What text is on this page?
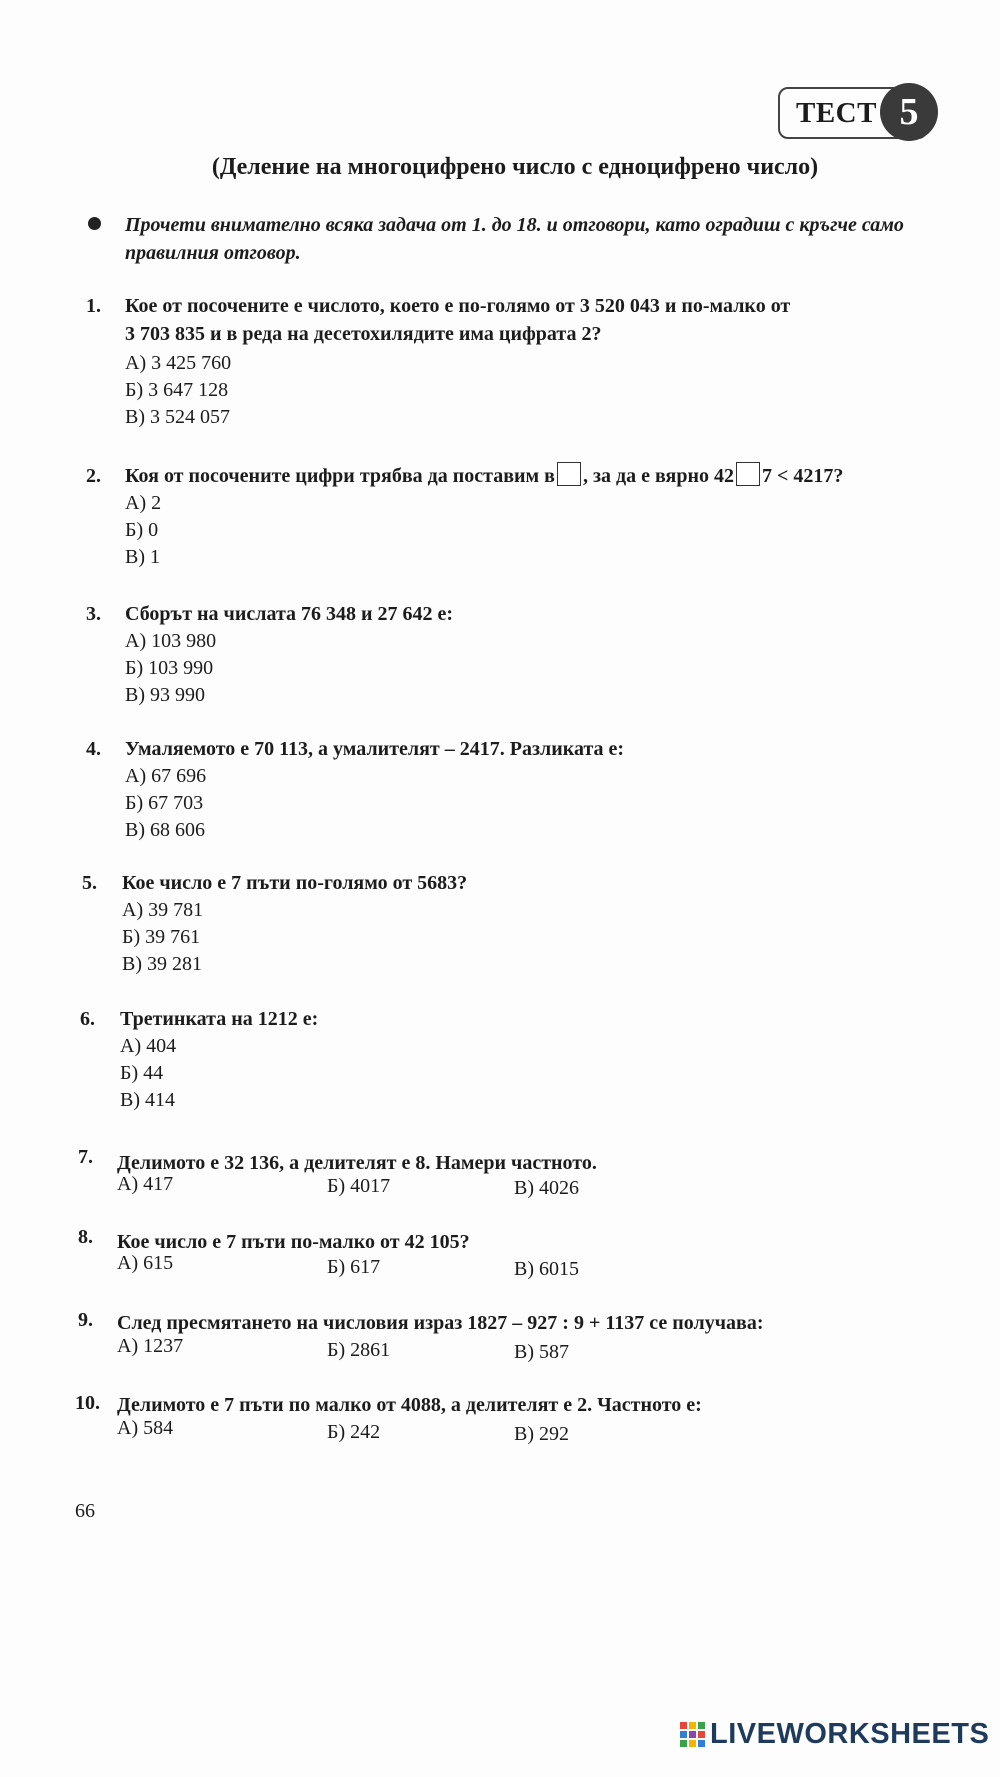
ТЕСТ 5
(Деление на многоцифрено число с едноцифрено число)
Прочети внимателно всяка задача от 1. до 18. и отговори, като оградиш с кръгче само правилния отговор.
1. Кое от посочените е числото, което е по-голямо от 3 520 043 и по-малко от
3 703 835 и в реда на десетохилядите има цифрата 2?
А) 3 425 760
Б) 3 647 128
В) 3 524 057
2. Коя от посочените цифри трябва да поставим в , за да е вярно 42 7 < 4217?
А) 2
Б) 0
В) 1
3. Сборът на числата 76 348 и 27 642 е:
А) 103 980
Б) 103 990
В) 93 990
4. Умаляемото е 70 113, а умалителят – 2417. Разликата е:
А) 67 696
Б) 67 703
В) 68 606
5. Кое число е 7 пъти по-голямо от 5683?
А) 39 781
Б) 39 761
В) 39 281
6. Третинката на 1212 е:
А) 404
Б) 44
В) 414
7. Делимото е 32 136, а делителят е 8. Намери частното.
А) 417	Б) 4017	В) 4026
8. Кое число е 7 пъти по-малко от 42 105?
А) 615	Б) 617	В) 6015
9. След пресмятането на числовия израз 1827 – 927 : 9 + 1137 се получава:
А) 1237	Б) 2861	В) 587
10. Делимото е 7 пъти по малко от 4088, а делителят е 2. Частното е:
А) 584	Б) 242	В) 292
66
LIVEWORKSHEETS
